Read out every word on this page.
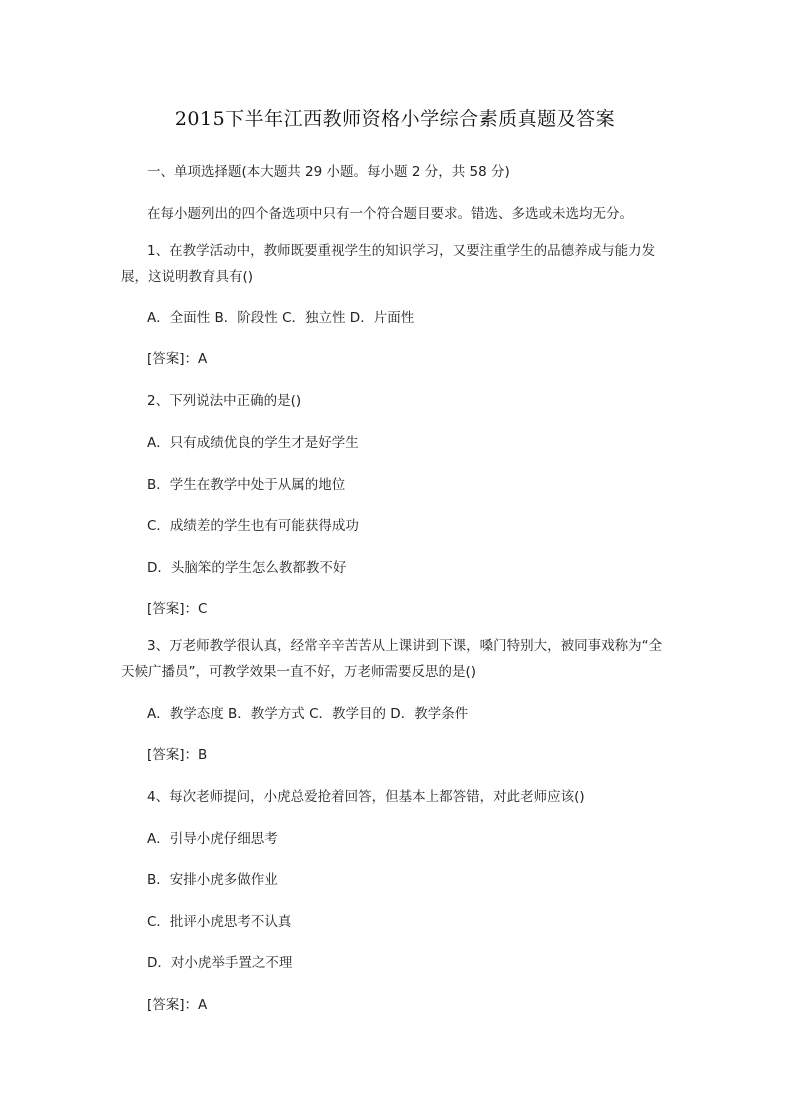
2015下半年江西教师资格小学综合素质真题及答案
一、单项选择题(本大题共 29 小题。每小题 2 分，共 58 分)
在每小题列出的四个备选项中只有一个符合题目要求。错选、多选或未选均无分。
1、在教学活动中，教师既要重视学生的知识学习，又要注重学生的品德养成与能力发展，这说明教育具有()
A．全面性 B．阶段性 C．独立性 D．片面性
[答案]：A
2、下列说法中正确的是()
A．只有成绩优良的学生才是好学生
B．学生在教学中处于从属的地位
C．成绩差的学生也有可能获得成功
D．头脑笨的学生怎么教都教不好
[答案]：C
3、万老师教学很认真，经常辛辛苦苦从上课讲到下课，嗓门特别大，被同事戏称为“全天候广播员”，可教学效果一直不好，万老师需要反思的是()
A．教学态度 B．教学方式 C．教学目的 D．教学条件
[答案]：B
4、每次老师提问，小虎总爱抢着回答，但基本上都答错，对此老师应该()
A．引导小虎仔细思考
B．安排小虎多做作业
C．批评小虎思考不认真
D．对小虎举手置之不理
[答案]：A
